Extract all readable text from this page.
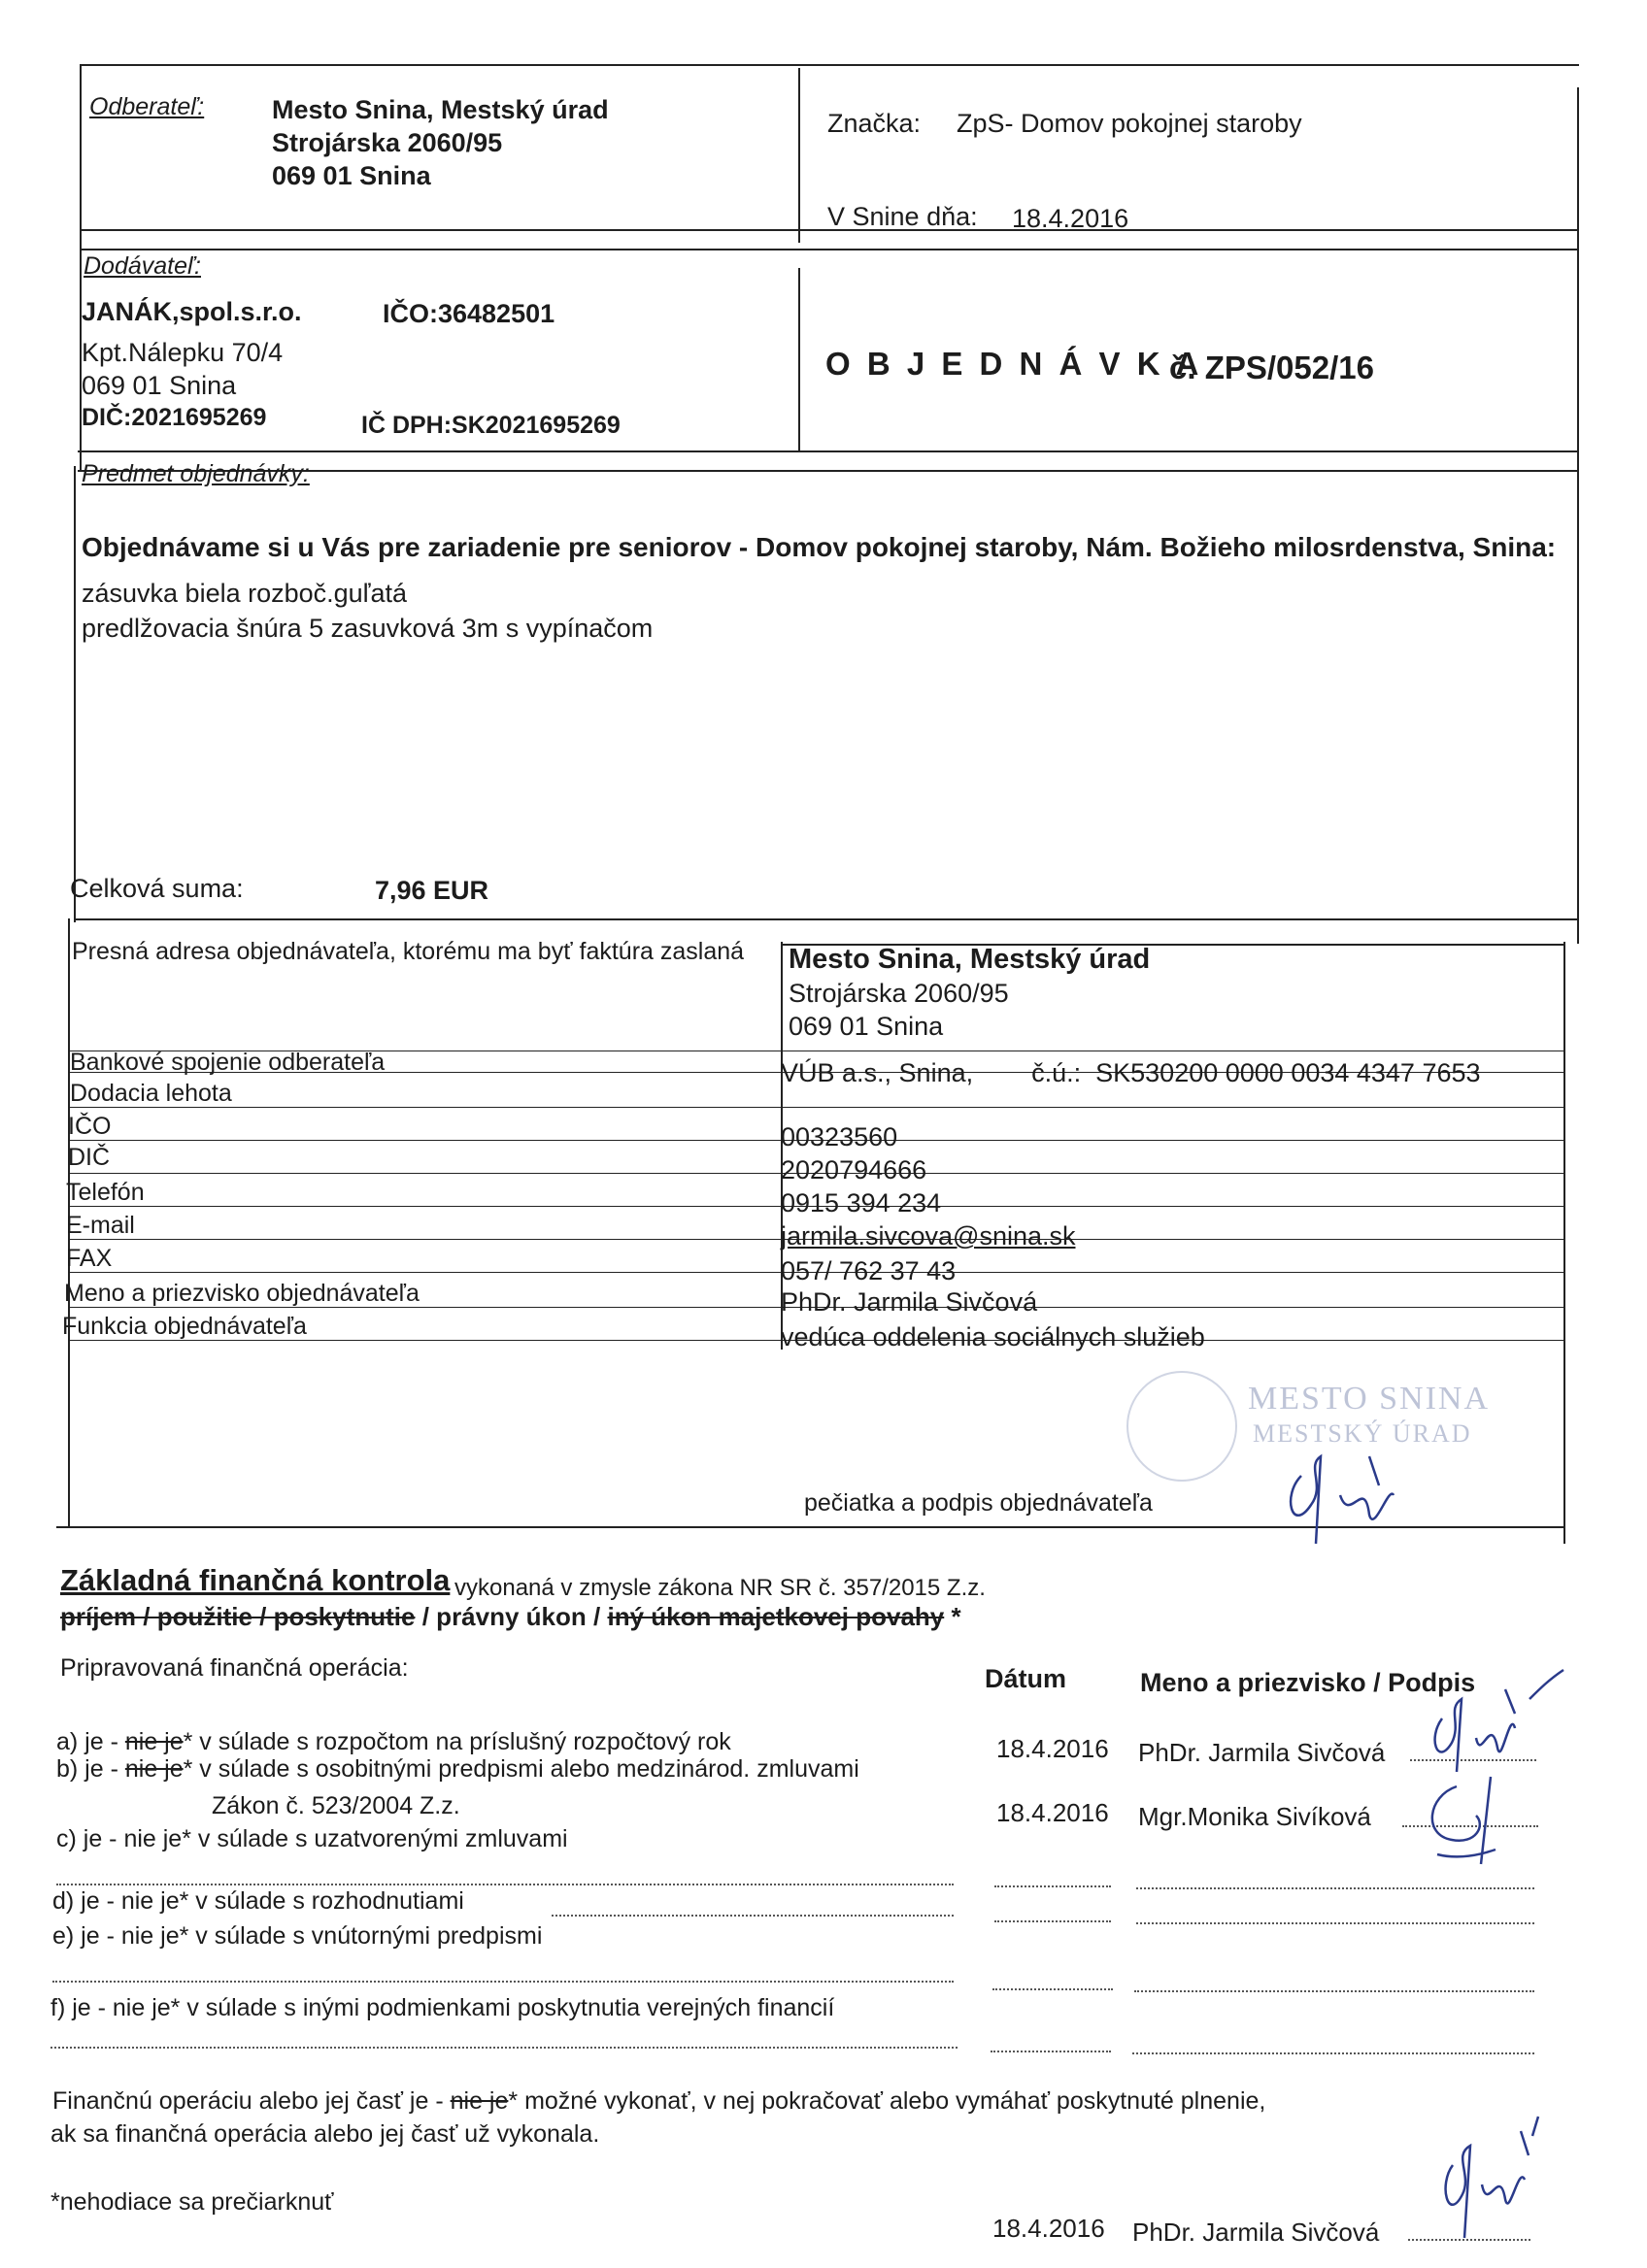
Odberateľ:	Mesto Snina, Mestský úrad
Strojárska 2060/95
069 01 Snina
Značka: ZpS- Domov pokojnej staroby
V Snine dňa: 18.4.2016
Dodávateľ:
JANÁK,spol.s.r.o.	IČO:36482501
Kpt.Nálepku 70/4
069 01 Snina
DIČ:2021695269	IČ DPH:SK2021695269
O B J E D N Á V K A
č. ZPS/052/16
Predmet objednávky:
Objednávame si u Vás pre zariadenie pre seniorov - Domov pokojnej staroby, Nám. Božieho milosrdenstva, Snina:
zásuvka biela rozboč.guľatá
predlžovacia šnúra 5 zasuvková 3m s vypínačom
Celková suma:	7,96 EUR
Presná adresa objednávateľa, ktorému ma byť faktúra zaslaná Mesto Snina, Mestský úrad
Strojárska 2060/95
069 01 Snina
Bankové spojenie odberateľa	VÚB a.s., Snina,        č.ú.:  SK530200 0000 0034 4347 7653
Dodacia lehota
IČO	00323560
DIČ	2020794666
Telefón	0915 394 234
E-mail	jarmila.sivcova@snina.sk
FAX	057/ 762 37 43
Meno a priezvisko objednávateľa	PhDr. Jarmila Sivčová
Funkcia objednávateľa	vedúca oddelenia sociálnych služieb
MESTO SNINA
MESTSKÝ ÚRAD
pečiatka a podpis objednávateľa
Základná finančná kontrola vykonaná v zmysle zákona NR SR č. 357/2015 Z.z.
príjem / použitie / poskytnutie / právny úkon / iný úkon majetkovej povahy *
Pripravovaná finančná operácia:	Dátum	Meno a priezvisko / Podpis
a) je - nie je* v súlade s rozpočtom na príslušný rozpočtový rok
b) je - nie je* v súlade s osobitnými predpismi alebo medzinárod. zmluvami
Zákon č. 523/2004 Z.z.
c) je - nie je* v súlade s uzatvorenými zmluvami
d) je - nie je* v súlade s rozhodnutiami
e) je - nie je* v súlade s vnútornými predpismi
f) je - nie je* v súlade s inými podmienkami poskytnutia verejných financií
18.4.2016 PhDr. Jarmila Sivčová
18.4.2016 Mgr.Monika Sivíková
Finančnú operáciu alebo jej časť je - nie je* možné vykonať, v nej pokračovať alebo vymáhať poskytnuté plnenie,
ak sa finančná operácia alebo jej časť už vykonala.
*nehodiace sa prečiarknuť
18.4.2016 PhDr. Jarmila Sivčová
